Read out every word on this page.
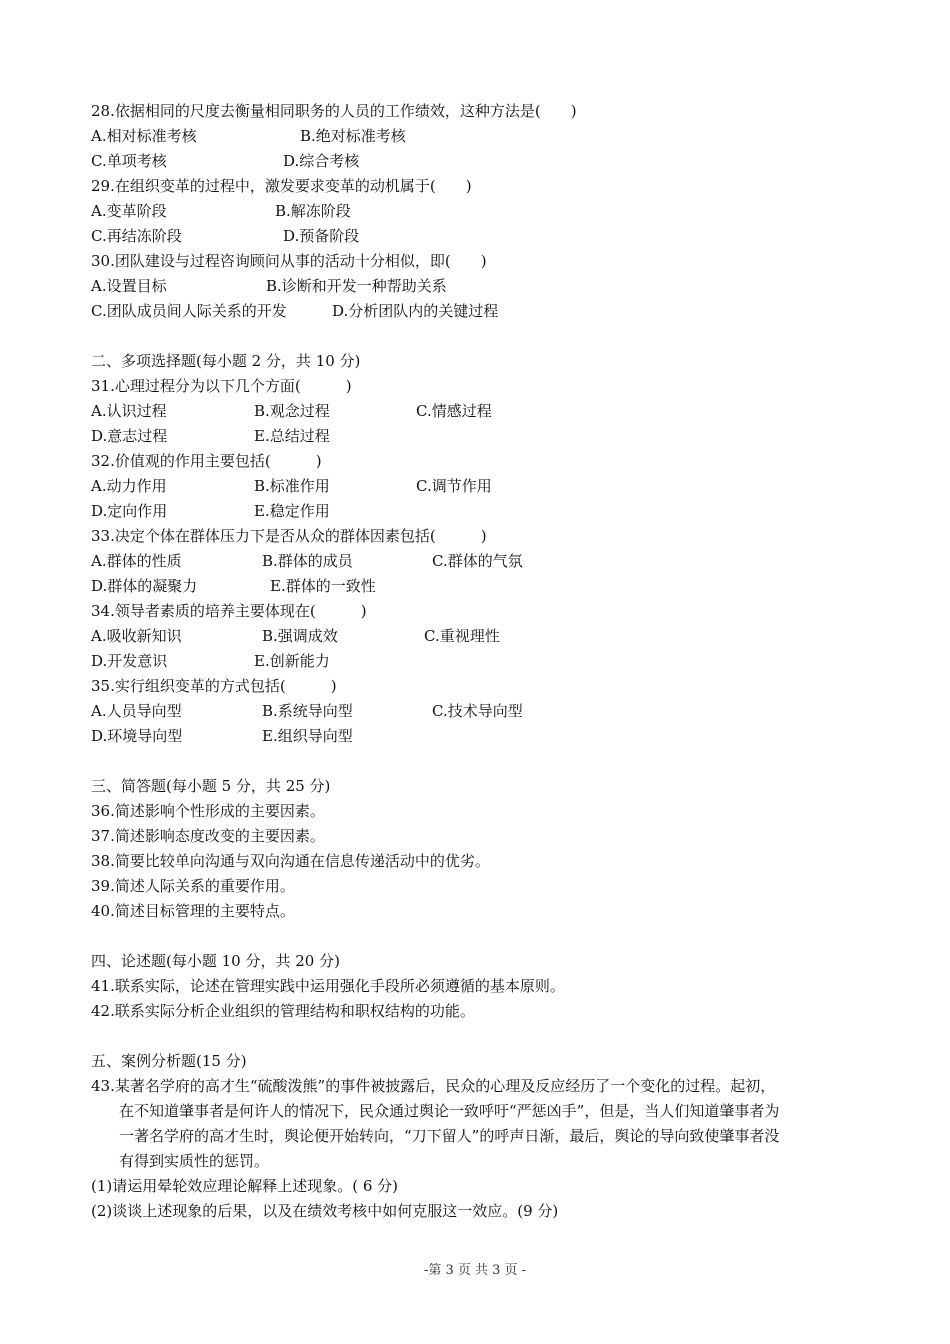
28.依据相同的尺度去衡量相同职务的人员的工作绩效，这种方法是(　　)
A.相对标准考核	B.绝对标准考核
C.单项考核	D.综合考核
29.在组织变革的过程中，激发要求变革的动机属于(　　)
A.变革阶段	B.解冻阶段
C.再结冻阶段	D.预备阶段
30.团队建设与过程咨询顾问从事的活动十分相似，即(　　)
A.设置目标	B.诊断和开发一种帮助关系
C.团队成员间人际关系的开发	D.分析团队内的关键过程
二、多项选择题(每小题 2 分，共 10 分)
31.心理过程分为以下几个方面(　　　)
A.认识过程	B.观念过程	C.情感过程
D.意志过程	E.总结过程
32.价值观的作用主要包括(　　　)
A.动力作用	B.标准作用	C.调节作用
D.定向作用	E.稳定作用
33.决定个体在群体压力下是否从众的群体因素包括(　　　)
A.群体的性质	B.群体的成员	C.群体的气氛
D.群体的凝聚力	E.群体的一致性
34.领导者素质的培养主要体现在(　　　)
A.吸收新知识	B.强调成效	C.重视理性
D.开发意识	E.创新能力
35.实行组织变革的方式包括(　　　)
A.人员导向型	B.系统导向型	C.技术导向型
D.环境导向型	E.组织导向型
三、简答题(每小题 5 分，共 25 分)
36.简述影响个性形成的主要因素。
37.简述影响态度改变的主要因素。
38.简要比较单向沟通与双向沟通在信息传递活动中的优劣。
39.简述人际关系的重要作用。
40.简述目标管理的主要特点。
四、论述题(每小题 10 分，共 20 分)
41.联系实际，论述在管理实践中运用强化手段所必须遵循的基本原则。
42.联系实际分析企业组织的管理结构和职权结构的功能。
五、案例分析题(15 分)
43.某著名学府的高才生“硫酸泼熊”的事件被披露后，民众的心理及反应经历了一个变化的过程。起初，
在不知道肇事者是何许人的情况下，民众通过舆论一致呼吁“严惩凶手”，但是，当人们知道肇事者为
一著名学府的高才生时，舆论便开始转向，“刀下留人”的呼声日渐，最后，舆论的导向致使肇事者没
有得到实质性的惩罚。
(1)请运用晕轮效应理论解释上述现象。( 6 分)
(2)谈谈上述现象的后果，以及在绩效考核中如何克服这一效应。(9 分)
-第 3 页 共 3 页 -
